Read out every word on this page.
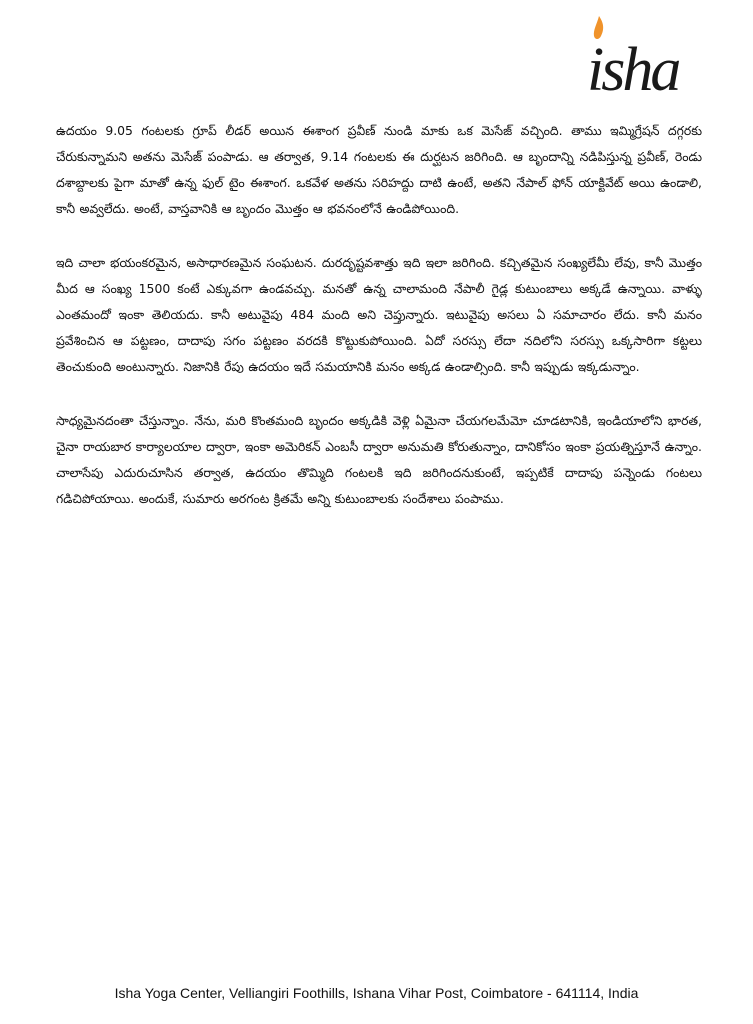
isha

ఉదయం 9.05 గంటలకు గ్రూప్ లీడర్ అయిన ఈశాంగ ప్రవీణ్ నుండి మాకు ఒక మెసేజ్ వచ్చింది. తాము ఇమ్మిగ్రేషన్ దగ్గరకు చేరుకున్నామని అతను మెసేజ్ పంపాడు. ఆ తర్వాత, 9.14 గంటలకు ఈ దుర్ఘటన జరిగింది. ఆ బృందాన్ని నడిపిస్తున్న ప్రవీణ్, రెండు దశాబ్దాలకు పైగా మాతో ఉన్న ఫుల్ టైం ఈశాంగ. ఒకవేళ అతను సరిహద్దు దాటి ఉంటే, అతని నేపాల్ ఫోన్ యాక్టివేట్ అయి ఉండాలి, కానీ అవ్వలేదు. అంటే, వాస్తవానికి ఆ బృందం మొత్తం ఆ భవనంలోనే ఉండిపోయింది.

ఇది చాలా భయంకరమైన, అసాధారణమైన సంఘటన. దురదృష్టవశాత్తు ఇది ఇలా జరిగింది. కచ్చితమైన సంఖ్యలేమీ లేవు, కానీ మొత్తం మీద ఆ సంఖ్య 1500 కంటే ఎక్కువగా ఉండవచ్చు. మనతో ఉన్న చాలామంది నేపాలీ గైడ్ల కుటుంబాలు అక్కడే ఉన్నాయి. వాళ్ళు ఎంతమందో ఇంకా తెలియదు. కానీ అటువైపు 484 మంది అని చెప్తున్నారు. ఇటువైపు అసలు ఏ సమాచారం లేదు. కానీ మనం ప్రవేశించిన ఆ పట్టణం, దాదాపు సగం పట్టణం వరదకి కొట్టుకుపోయింది. ఏదో సరస్సు లేదా నదిలోని సరస్సు ఒక్కసారిగా కట్టలు తెంచుకుంది అంటున్నారు. నిజానికి రేపు ఉదయం ఇదే సమయానికి మనం అక్కడ ఉండాల్సింది. కానీ ఇప్పుడు ఇక్కడున్నాం.

సాధ్యమైనదంతా చేస్తున్నాం. నేను, మరి కొంతమంది బృందం అక్కడికి వెళ్లి ఏమైనా చేయగలమేమో చూడటానికి, ఇండియాలోని భారత, చైనా రాయబార కార్యాలయాల ద్వారా, ఇంకా అమెరికన్ ఎంబసీ ద్వారా అనుమతి కోరుతున్నాం, దానికోసం ఇంకా ప్రయత్నిస్తూనే ఉన్నాం. చాలాసేపు ఎదురుచూసిన తర్వాత, ఉదయం తొమ్మిది గంటలకి ఇది జరిగిందనుకుంటే, ఇప్పటికే దాదాపు పన్నెండు గంటలు గడిచిపోయాయి. అందుకే, సుమారు అరగంట క్రితమే అన్ని కుటుంబాలకు సందేశాలు పంపాము.

Isha Yoga Center, Velliangiri Foothills, Ishana Vihar Post, Coimbatore - 641114, India
